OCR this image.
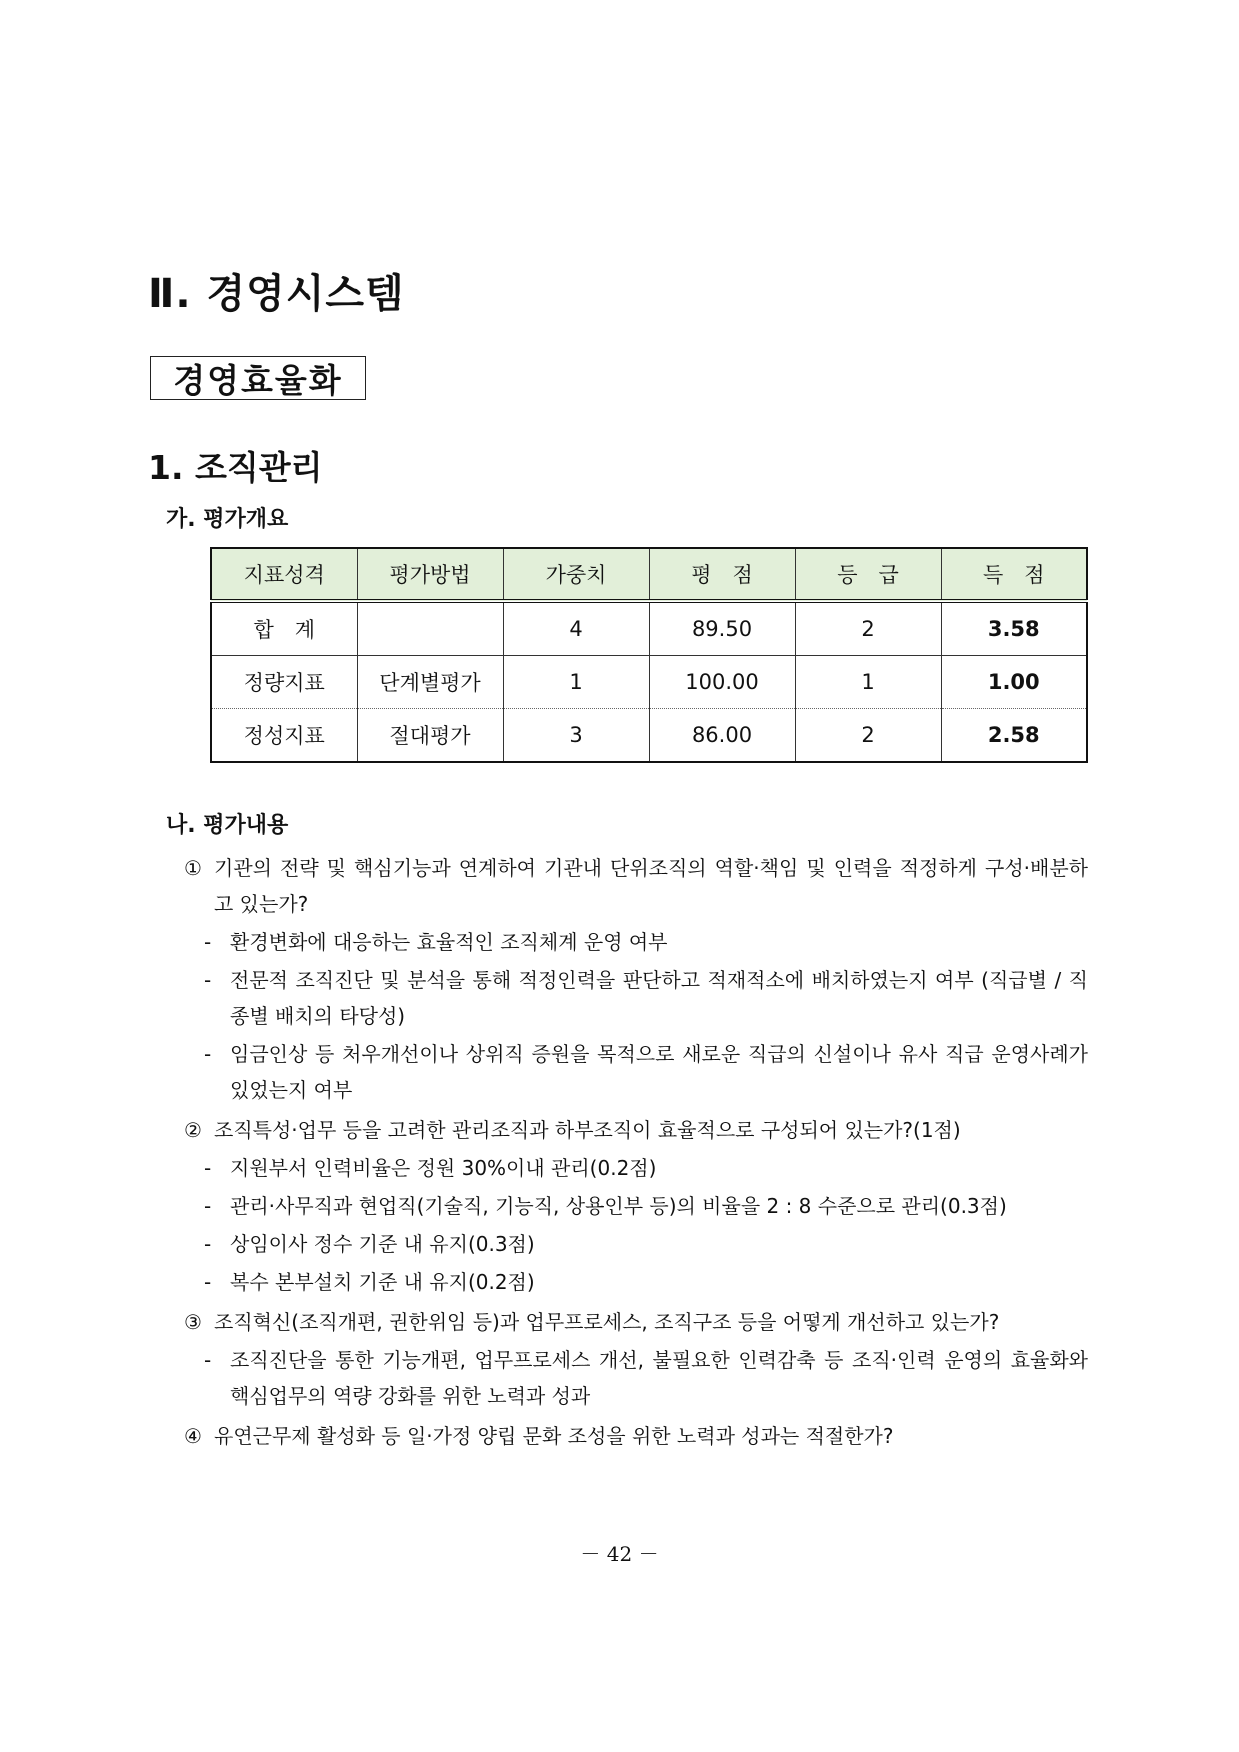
Ⅱ. 경영시스템
경영효율화
1. 조직관리
가. 평가개요
지표성격	평가방법	가중치	평　점	등　급	득　점
합　계		4	89.50	2	3.58
정량지표	단계별평가	1	100.00	1	1.00
정성지표	절대평가	3	86.00	2	2.58
나. 평가내용
① 기관의 전략 및 핵심기능과 연계하여 기관내 단위조직의 역할·책임 및 인력을 적정하게 구성·배분하고 있는가?
- 환경변화에 대응하는 효율적인 조직체계 운영 여부
- 전문적 조직진단 및 분석을 통해 적정인력을 판단하고 적재적소에 배치하였는지 여부 (직급별 / 직종별 배치의 타당성)
- 임금인상 등 처우개선이나 상위직 증원을 목적으로 새로운 직급의 신설이나 유사 직급 운영사례가 있었는지 여부
② 조직특성·업무 등을 고려한 관리조직과 하부조직이 효율적으로 구성되어 있는가?(1점)
- 지원부서 인력비율은 정원 30%이내 관리(0.2점)
- 관리·사무직과 현업직(기술직, 기능직, 상용인부 등)의 비율을 2 : 8 수준으로 관리(0.3점)
- 상임이사 정수 기준 내 유지(0.3점)
- 복수 본부설치 기준 내 유지(0.2점)
③ 조직혁신(조직개편, 권한위임 등)과 업무프로세스, 조직구조 등을 어떻게 개선하고 있는가?
- 조직진단을 통한 기능개편, 업무프로세스 개선, 불필요한 인력감축 등 조직·인력 운영의 효율화와 핵심업무의 역량 강화를 위한 노력과 성과
④ 유연근무제 활성화 등 일·가정 양립 문화 조성을 위한 노력과 성과는 적절한가?
－ 42 －
